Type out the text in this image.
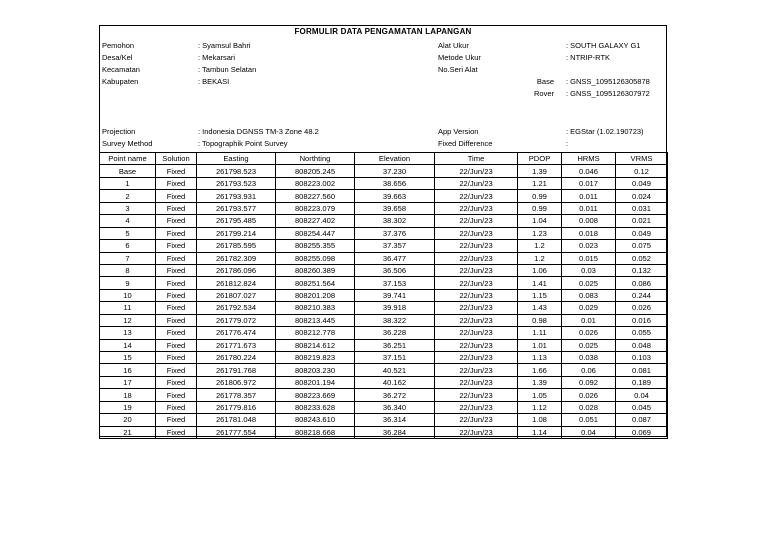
FORMULIR DATA PENGAMATAN LAPANGAN
Pemohon	: Syamsul Bahri
Desa/Kel	: Mekarsari
Kecamatan	: Tambun Selatan
Kabupaten	: BEKASI
Alat Ukur	: SOUTH GALAXY G1
Metode Ukur	: NTRIP-RTK
No.Seri Alat
Base : GNSS_1095126305878
Rover : GNSS_1095126307972
Projection	: Indonesia DGNSS TM-3 Zone 48.2
Survey Method	: Topographik Point Survey
App Version	: EGStar (1.02.190723)
Fixed Difference	:
Point name	Solution	Easting	Northting	Elevation	Time	PDOP	HRMS	VRMS
Base	Fixed	261798.523	808205.245	37.230	22/Jun/23	1.39	0.046	0.12
1	Fixed	261793.523	808223.002	38.656	22/Jun/23	1.21	0.017	0.049
2	Fixed	261793.931	808227.560	39.663	22/Jun/23	0.99	0.011	0.024
3	Fixed	261793.577	808223.079	39.658	22/Jun/23	0.99	0.011	0.031
4	Fixed	261795.485	808227.402	38.302	22/Jun/23	1.04	0.008	0.021
5	Fixed	261799.214	808254.447	37.376	22/Jun/23	1.23	0.018	0.049
6	Fixed	261785.595	808255.355	37.357	22/Jun/23	1.2	0.023	0.075
7	Fixed	261782.309	808255.098	36.477	22/Jun/23	1.2	0.015	0.052
8	Fixed	261786.096	808260.389	36.506	22/Jun/23	1.06	0.03	0.132
9	Fixed	261812.824	808251.564	37.153	22/Jun/23	1.41	0.025	0.086
10	Fixed	261807.027	808201.208	39.741	22/Jun/23	1.15	0.083	0.244
11	Fixed	261792.534	808210.383	39.918	22/Jun/23	1.43	0.029	0.026
12	Fixed	261779.072	808213.445	38.322	22/Jun/23	0.98	0.01	0.016
13	Fixed	261776.474	808212.778	36.228	22/Jun/23	1.11	0.026	0.055
14	Fixed	261771.673	808214.612	36.251	22/Jun/23	1.01	0.025	0.048
15	Fixed	261780.224	808219.823	37.151	22/Jun/23	1.13	0.038	0.103
16	Fixed	261791.768	808203.230	40.521	22/Jun/23	1.66	0.06	0.081
17	Fixed	261806.972	808201.194	40.162	22/Jun/23	1.39	0.092	0.189
18	Fixed	261778.357	808223.669	36.272	22/Jun/23	1.05	0.026	0.04
19	Fixed	261779.816	808233.628	36.340	22/Jun/23	1.12	0.028	0.045
20	Fixed	261781.048	808243.610	36.314	22/Jun/23	1.08	0.051	0.087
21	Fixed	261777.554	808218.668	36.284	22/Jun/23	1.14	0.04	0.069
